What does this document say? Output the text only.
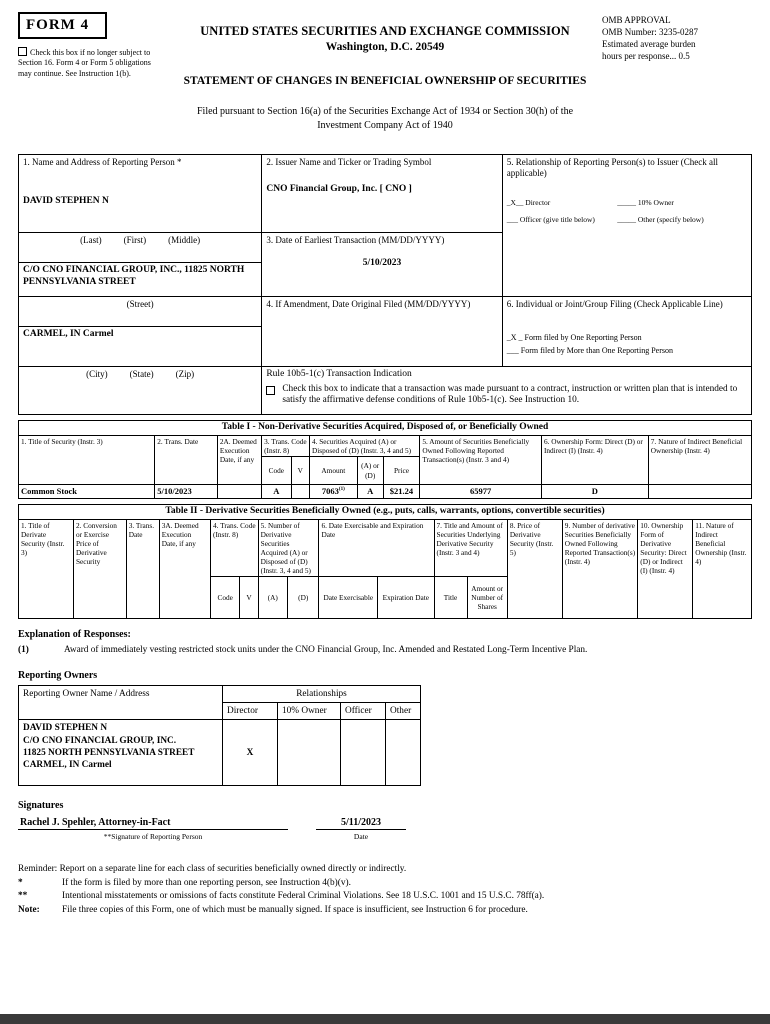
FORM 4
Check this box if no longer subject to Section 16. Form 4 or Form 5 obligations may continue. See Instruction 1(b).
UNITED STATES SECURITIES AND EXCHANGE COMMISSION
Washington, D.C. 20549
STATEMENT OF CHANGES IN BENEFICIAL OWNERSHIP OF SECURITIES
Filed pursuant to Section 16(a) of the Securities Exchange Act of 1934 or Section 30(h) of the
Investment Company Act of 1940
OMB APPROVAL
OMB Number: 3235-0287
Estimated average burden
hours per response... 0.5
1. Name and Address of Reporting Person *
DAVID STEPHEN N

2. Issuer Name and Ticker or Trading Symbol
CNO Financial Group, Inc. [ CNO ]

5. Relationship of Reporting Person(s) to Issuer (Check all applicable)
_X__ Director	_____ 10% Owner
___ Officer (give title below)	_____ Other (specify below)

(Last) (First) (Middle)	3. Date of Earliest Transaction (MM/DD/YYYY)
5/10/2023

C/O CNO FINANCIAL GROUP, INC., 11825 NORTH PENNSYLVANIA STREET		

(Street)	4. If Amendment, Date Original Filed (MM/DD/YYYY)	6. Individual or Joint/Group Filing (Check Applicable Line)
_X _ Form filed by One Reporting Person
___ Form filed by More than One Reporting Person

CARMEL, IN Carmel		

(City) (State) (Zip)	Rule 10b5-1(c) Transaction Indication
Check this box to indicate that a transaction was made pursuant to a contract, instruction or written plan that is intended to satisfy the affirmative defense conditions of Rule 10b5-1(c). See Instruction 10.
Table I - Non-Derivative Securities Acquired, Disposed of, or Beneficially Owned										
1. Title of Security (Instr. 3)	2. Trans. Date	2A. Deemed Execution Date, if any	3. Trans. Code (Instr. 8)		4. Securities Acquired (A) or Disposed of (D) (Instr. 3, 4 and 5)			5. Amount of Securities Beneficially Owned Following Reported Transaction(s) (Instr. 3 and 4)	6. Ownership Form: Direct (D) or Indirect (I) (Instr. 4)	7. Nature of Indirect Beneficial Ownership (Instr. 4)
			Code	V	Amount	(A) or (D)	Price			
Common Stock	5/10/2023		A		7063$^{(1)}$	A	$21.24	65977	D	
Table II - Derivative Securities Beneficially Owned (e.g., puts, calls, warrants, options, convertible securities)															
1. Title of Derivate Security (Instr. 3)	2. Conversion or Exercise Price of Derivative Security	3. Trans. Date	3A. Deemed Execution Date, if any	4. Trans. Code (Instr. 8)		5. Number of Derivative Securities Acquired (A) or Disposed of (D) (Instr. 3, 4 and 5)		6. Date Exercisable and Expiration Date		7. Title and Amount of Securities Underlying Derivative Security (Instr. 3 and 4)		8. Price of Derivative Security (Instr. 5)	9. Number of derivative Securities Beneficially Owned Following Reported Transaction(s) (Instr. 4)	10. Ownership Form of Derivative Security: Direct (D) or Indirect (I) (Instr. 4)	11. Nature of Indirect Beneficial Ownership (Instr. 4)
				Code	V	(A)	(D)	Date Exercisable	Expiration Date	Title	Amount or Number of Shares				
Explanation of Responses:
(1)	Award of immediately vesting restricted stock units under the CNO Financial Group, Inc. Amended and Restated Long-Term Incentive Plan.
Reporting Owners
Reporting Owner Name / Address	Relationships			
	Director	10% Owner	Officer	Other

DAVID STEPHEN N
C/O CNO FINANCIAL GROUP, INC.
11825 NORTH PENNSYLVANIA STREET
CARMEL, IN Carmel	X			
Signatures
Rachel J. Spehler, Attorney-in-Fact
**Signature of Reporting Person
5/11/2023
Date
Reminder: Report on a separate line for each class of securities beneficially owned directly or indirectly.
*	If the form is filed by more than one reporting person, see Instruction 4(b)(v).
**	Intentional misstatements or omissions of facts constitute Federal Criminal Violations. See 18 U.S.C. 1001 and 15 U.S.C. 78ff(a).
Note:	File three copies of this Form, one of which must be manually signed. If space is insufficient, see Instruction 6 for procedure.
